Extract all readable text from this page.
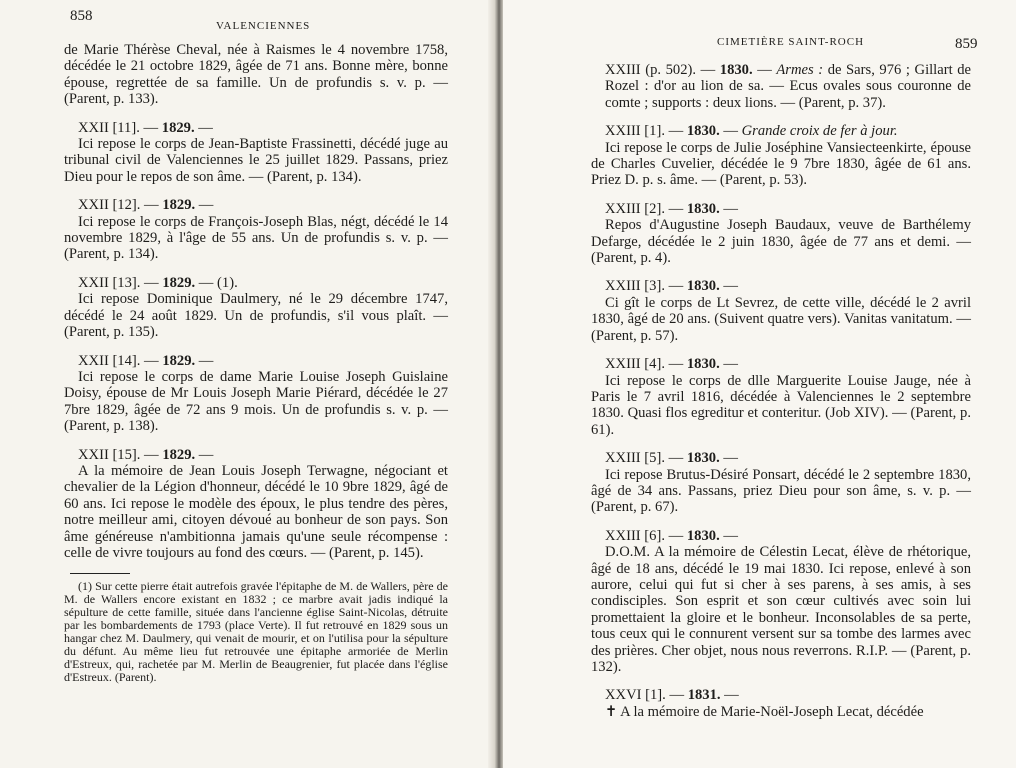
858
VALENCIENNES
de Marie Thérèse Cheval, née à Raismes le 4 novembre 1758, décédée le 21 octobre 1829, âgée de 71 ans. Bonne mère, bonne épouse, regrettée de sa famille. Un de profundis s. v. p. — (Parent, p. 133).
XXII [11]. — 1829. —
Ici repose le corps de Jean-Baptiste Frassinetti, décédé juge au tribunal civil de Valenciennes le 25 juillet 1829. Passans, priez Dieu pour le repos de son âme. — (Parent, p. 134).
XXII [12]. — 1829. —
Ici repose le corps de François-Joseph Blas, négt, décédé le 14 novembre 1829, à l'âge de 55 ans. Un de profundis s. v. p. — (Parent, p. 134).
XXII [13]. — 1829. — (1).
Ici repose Dominique Daulmery, né le 29 décembre 1747, décédé le 24 août 1829. Un de profundis, s'il vous plaît. — (Parent, p. 135).
XXII [14]. — 1829. —
Ici repose le corps de dame Marie Louise Joseph Guislaine Doisy, épouse de Mr Louis Joseph Marie Piérard, décédée le 27 7bre 1829, âgée de 72 ans 9 mois. Un de profundis s. v. p. — (Parent, p. 138).
XXII [15]. — 1829. —
A la mémoire de Jean Louis Joseph Terwagne, négociant et chevalier de la Légion d'honneur, décédé le 10 9bre 1829, âgé de 60 ans. Ici repose le modèle des époux, le plus tendre des pères, notre meilleur ami, citoyen dévoué au bonheur de son pays. Son âme généreuse n'ambitionna jamais qu'une seule récompense : celle de vivre toujours au fond des cœurs. — (Parent, p. 145).
(1) Sur cette pierre était autrefois gravée l'épitaphe de M. de Wallers, père de M. de Wallers encore existant en 1832 ; ce marbre avait jadis indiqué la sépulture de cette famille, située dans l'ancienne église Saint-Nicolas, détruite par les bombardements de 1793 (place Verte). Il fut retrouvé en 1829 sous un hangar chez M. Daulmery, qui venait de mourir, et on l'utilisa pour la sépulture du défunt. Au même lieu fut retrouvée une épitaphe armoriée de Merlin d'Estreux, qui, rachetée par M. Merlin de Beaugrenier, fut placée dans l'église d'Estreux. (Parent).
CIMETIÈRE SAINT-ROCH	859
XXIII (p. 502). — 1830. — Armes : de Sars, 976 ; Gillart de Rozel : d'or au lion de sa. — Ecus ovales sous couronne de comte ; supports : deux lions. — (Parent, p. 37).
XXIII [1]. — 1830. — Grande croix de fer à jour.
Ici repose le corps de Julie Joséphine Vansiecteenkirte, épouse de Charles Cuvelier, décédée le 9 7bre 1830, âgée de 61 ans. Priez D. p. s. âme. — (Parent, p. 53).
XXIII [2]. — 1830. —
Repos d'Augustine Joseph Baudaux, veuve de Barthélemy Defarge, décédée le 2 juin 1830, âgée de 77 ans et demi. — (Parent, p. 4).
XXIII [3]. — 1830. —
Ci gît le corps de Lt Sevrez, de cette ville, décédé le 2 avril 1830, âgé de 20 ans. (Suivent quatre vers). Vanitas vanitatum. — (Parent, p. 57).
XXIII [4]. — 1830. —
Ici repose le corps de dlle Marguerite Louise Jauge, née à Paris le 7 avril 1816, décédée à Valenciennes le 2 septembre 1830. Quasi flos egreditur et conteritur. (Job XIV). — (Parent, p. 61).
XXIII [5]. — 1830. —
Ici repose Brutus-Désiré Ponsart, décédé le 2 septembre 1830, âgé de 34 ans. Passans, priez Dieu pour son âme, s. v. p. — (Parent, p. 67).
XXIII [6]. — 1830. —
D.O.M. A la mémoire de Célestin Lecat, élève de rhétorique, âgé de 18 ans, décédé le 19 mai 1830. Ici repose, enlevé à son aurore, celui qui fut si cher à ses parens, à ses amis, à ses condisciples. Son esprit et son cœur cultivés avec soin lui promettaient la gloire et le bonheur. Inconsolables de sa perte, tous ceux qui le connurent versent sur sa tombe des larmes avec des prières. Cher objet, nous nous reverrons. R.I.P. — (Parent, p. 132).
XXVI [1]. — 1831. —
✝ A la mémoire de Marie-Noël-Joseph Lecat, décédée
